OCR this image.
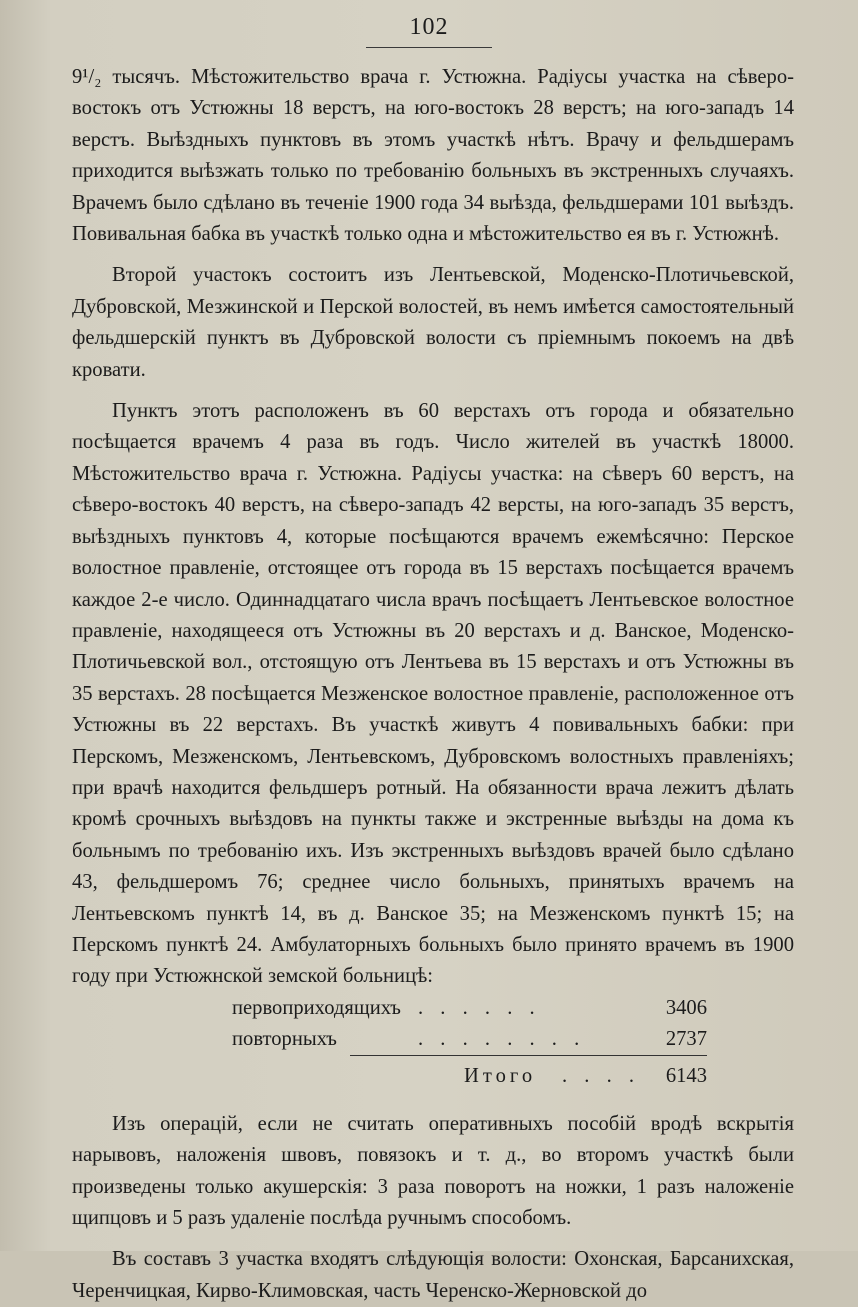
102

9¹/₂ тысячъ. Мѣстожительство врача г. Устюжна. Радіусы участка на сѣверо-востокъ отъ Устюжны 18 верстъ, на юго-востокъ 28 верстъ; на юго-западъ 14 верстъ. Выѣздныхъ пунктовъ въ этомъ участкѣ нѣтъ. Врачу и фельдшерамъ приходится выѣзжать только по требованію больныхъ въ экстренныхъ случаяхъ. Врачемъ было сдѣлано въ теченіе 1900 года 34 выѣзда, фельдшерами 101 выѣздъ. Повивальная бабка въ участкѣ только одна и мѣстожительство ея въ г. Устюжнѣ.

Второй участокъ состоитъ изъ Лентьевской, Моденско-Плотичьевской, Дубровской, Мезжинской и Перской волостей, въ немъ имѣется самостоятельный фельдшерскій пунктъ въ Дубровской волости съ пріемнымъ покоемъ на двѣ кровати.

Пунктъ этотъ расположенъ въ 60 верстахъ отъ города и обязательно посѣщается врачемъ 4 раза въ годъ. Число жителей въ участкѣ 18000. Мѣстожительство врача г. Устюжна. Радіусы участка: на сѣверъ 60 верстъ, на сѣверо-востокъ 40 верстъ, на сѣверо-западъ 42 версты, на юго-западъ 35 верстъ, выѣздныхъ пунктовъ 4, которые посѣщаются врачемъ ежемѣсячно: Перское волостное правленіе, отстоящее отъ города въ 15 верстахъ посѣщается врачемъ каждое 2-е число. Одиннадцатаго числа врачъ посѣщаетъ Лентьевское волостное правленіе, находящееся отъ Устюжны въ 20 верстахъ и д. Ванское, Моденско-Плотичьевской вол., отстоящую отъ Лентьева въ 15 верстахъ и отъ Устюжны въ 35 верстахъ. 28 посѣщается Мезженское волостное правленіе, расположенное отъ Устюжны въ 22 верстахъ. Въ участкѣ живутъ 4 повивальныхъ бабки: при Перскомъ, Мезженскомъ, Лентьевскомъ, Дубровскомъ волостныхъ правленіяхъ; при врачѣ находится фельдшеръ ротный. На обязанности врача лежитъ дѣлать кромѣ срочныхъ выѣздовъ на пункты также и экстренные выѣзды на дома къ больнымъ по требованію ихъ. Изъ экстренныхъ выѣздовъ врачей было сдѣлано 43, фельдшеромъ 76; среднее число больныхъ, принятыхъ врачемъ на Лентьевскомъ пунктѣ 14, въ д. Ванское 35; на Мезженскомъ пунктѣ 15; на Перскомъ пунктѣ 24. Амбулаторныхъ больныхъ было принято врачемъ въ 1900 году при Устюжнской земской больницѣ:

первоприходящихъ . . . . . .	3406
повторныхъ	. . . . . . . .	2737
Итого . . . . 6143

Изъ операцій, если не считать оперативныхъ пособій вродѣ вскрытія нарывовъ, наложенія швовъ, повязокъ и т. д., во второмъ участкѣ были произведены только акушерскія: 3 раза поворотъ на ножки, 1 разъ наложеніе щипцовъ и 5 разъ удаленіе послѣда ручнымъ способомъ.

Въ составъ 3 участка входятъ слѣдующія волости: Охонская, Барсанихская, Черенчицкая, Кирво-Климовская, часть Черенско-Жерновской до
